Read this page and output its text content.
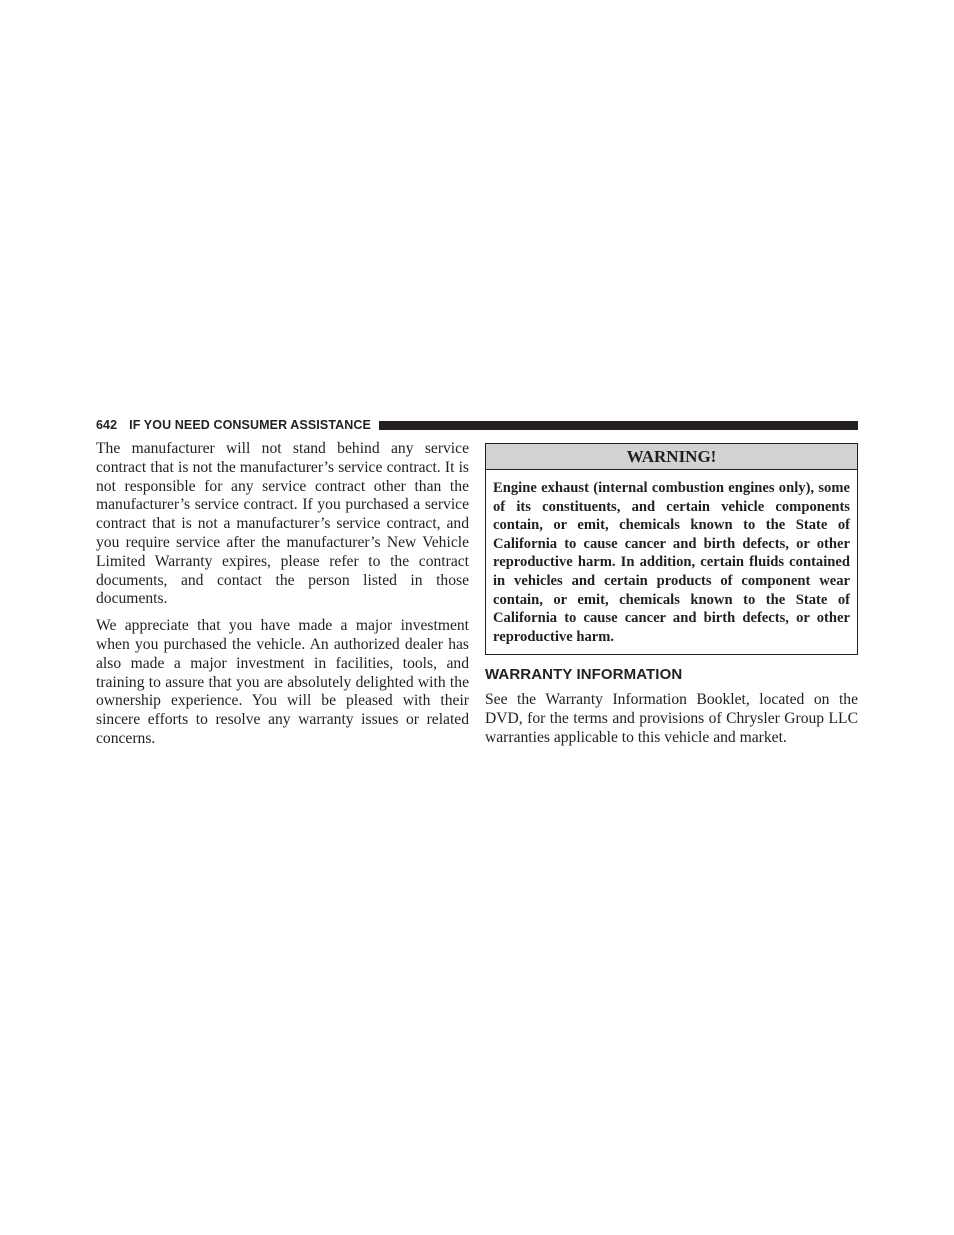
642 IF YOU NEED CONSUMER ASSISTANCE

The manufacturer will not stand behind any service contract that is not the manufacturer’s service contract. It is not responsible for any service contract other than the manufacturer’s service contract. If you purchased a service contract that is not a manufacturer’s service contract, and you require service after the manufacturer’s New Vehicle Limited Warranty expires, please refer to the contract documents, and contact the person listed in those documents.

We appreciate that you have made a major investment when you purchased the vehicle. An authorized dealer has also made a major investment in facilities, tools, and training to assure that you are absolutely delighted with the ownership experience. You will be pleased with their sincere efforts to resolve any warranty issues or related concerns.

WARNING!

Engine exhaust (internal combustion engines only), some of its constituents, and certain vehicle components contain, or emit, chemicals known to the State of California to cause cancer and birth defects, or other reproductive harm. In addition, certain fluids contained in vehicles and certain products of component wear contain, or emit, chemicals known to the State of California to cause cancer and birth defects, or other reproductive harm.

WARRANTY INFORMATION

See the Warranty Information Booklet, located on the DVD, for the terms and provisions of Chrysler Group LLC warranties applicable to this vehicle and market.
